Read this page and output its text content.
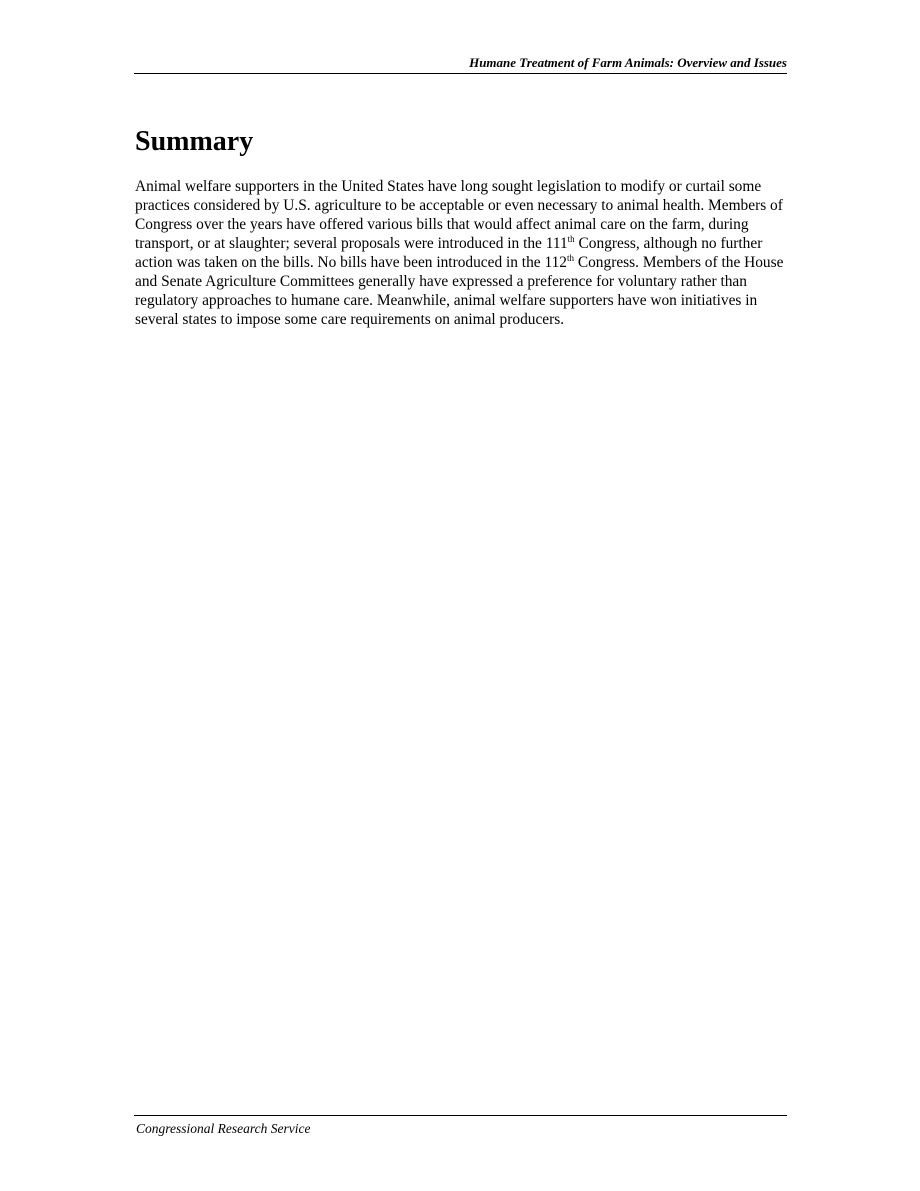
Humane Treatment of Farm Animals: Overview and Issues
Summary

Animal welfare supporters in the United States have long sought legislation to modify or curtail some practices considered by U.S. agriculture to be acceptable or even necessary to animal health. Members of Congress over the years have offered various bills that would affect animal care on the farm, during transport, or at slaughter; several proposals were introduced in the 111th Congress, although no further action was taken on the bills. No bills have been introduced in the 112th Congress. Members of the House and Senate Agriculture Committees generally have expressed a preference for voluntary rather than regulatory approaches to humane care. Meanwhile, animal welfare supporters have won initiatives in several states to impose some care requirements on animal producers.

Congressional Research Service
